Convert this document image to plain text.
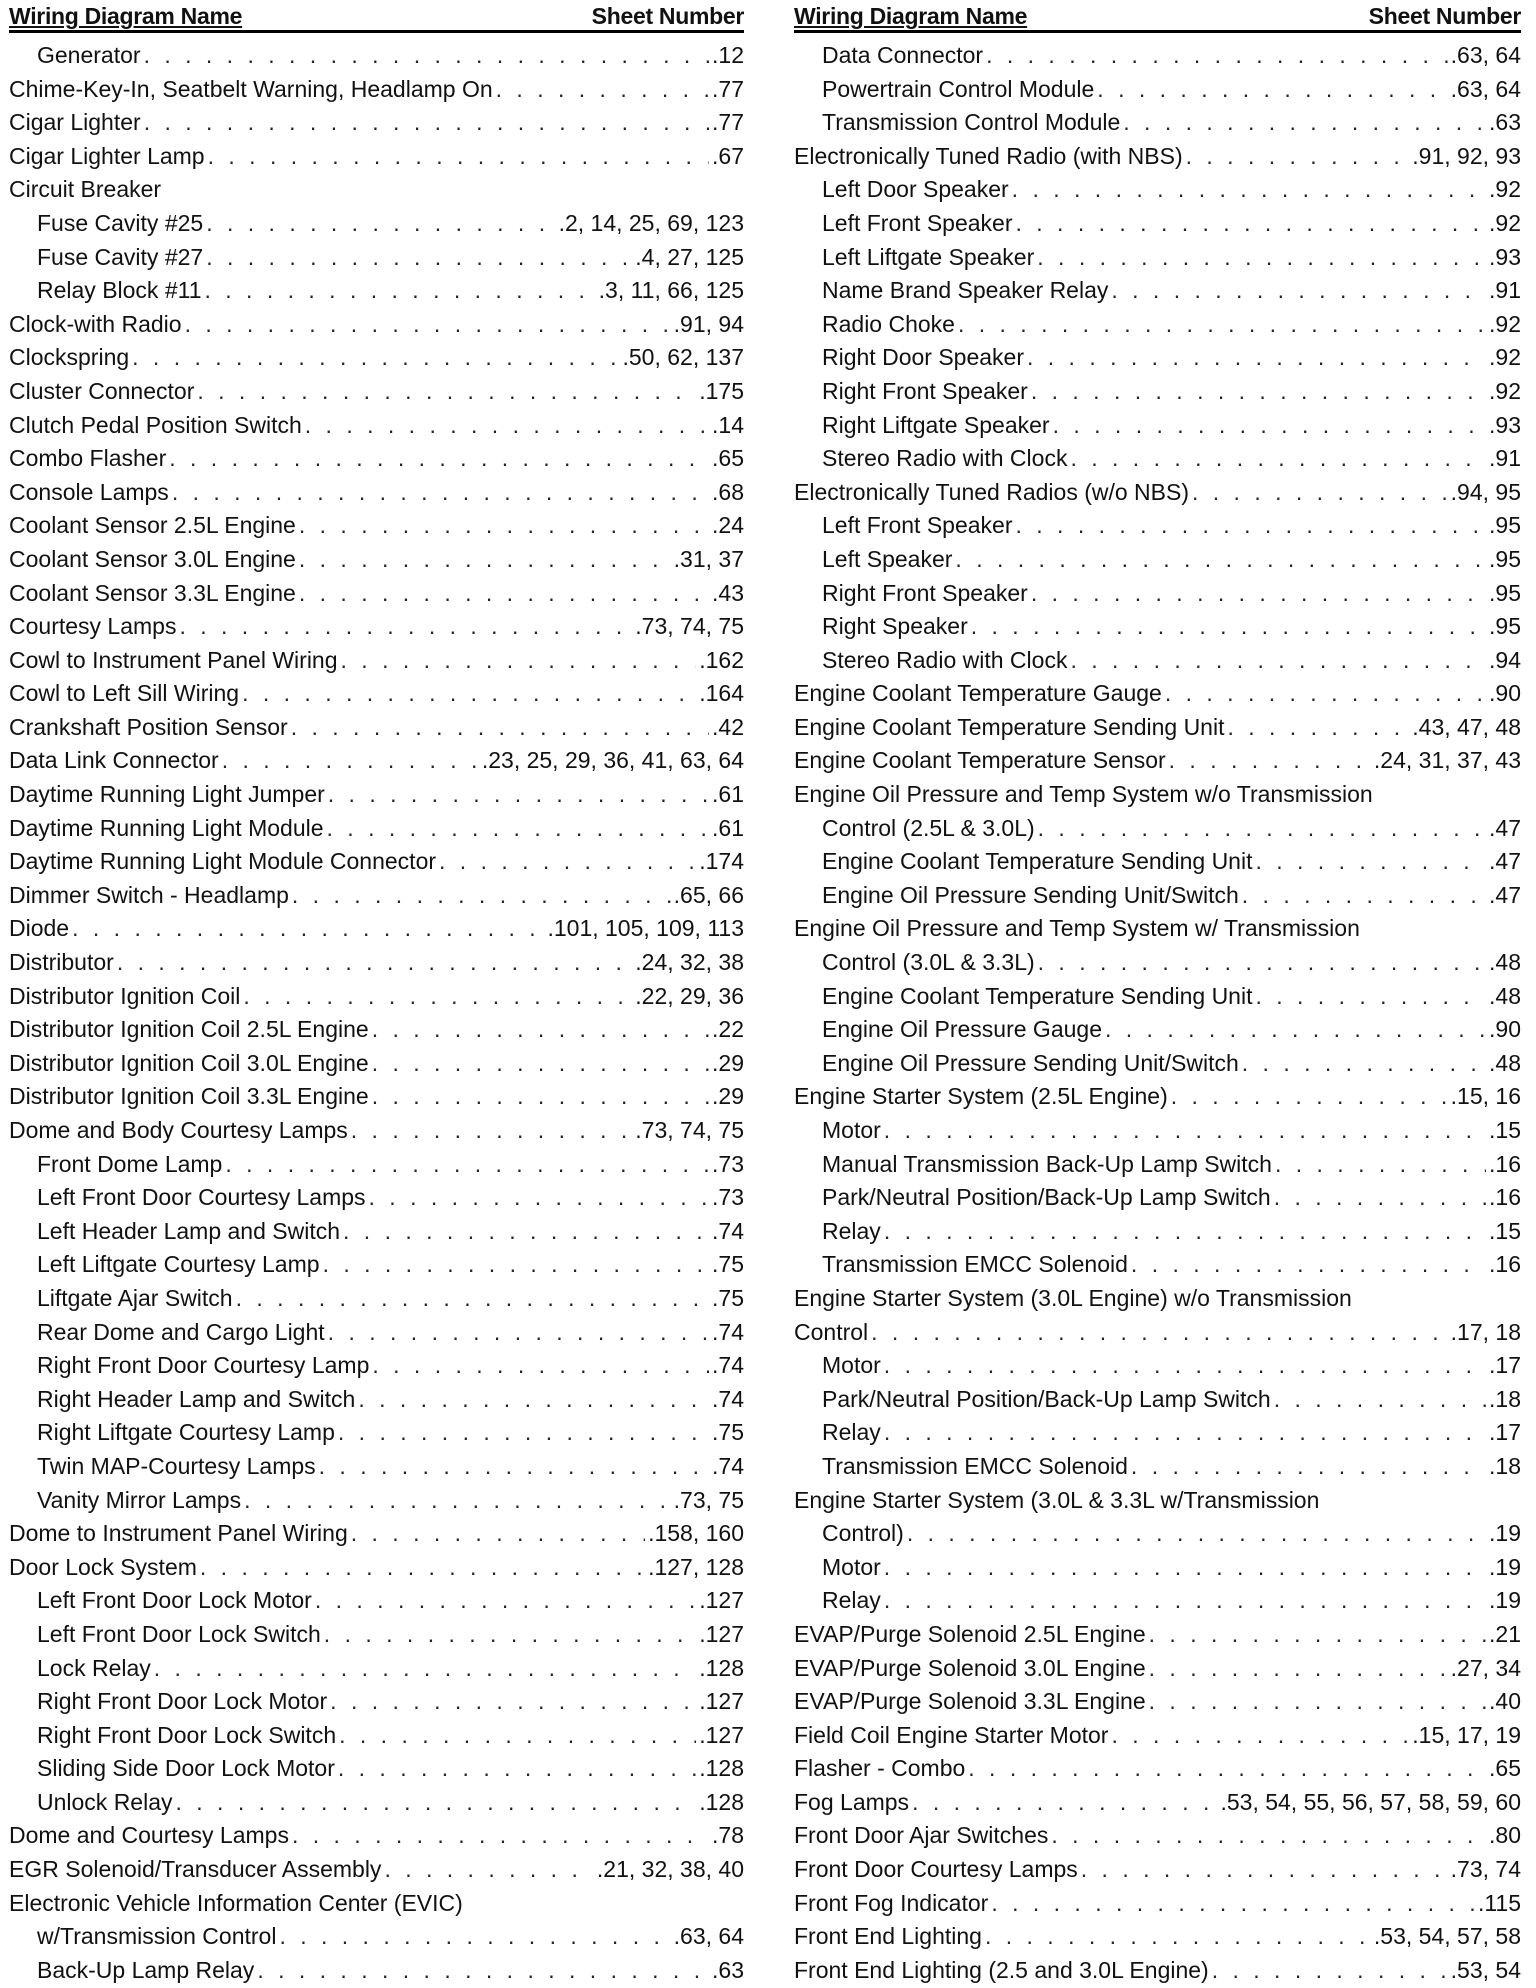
Wiring Diagram Name	Sheet Number
Generator . . .	.12
Chime-Key-In, Seatbelt Warning, Headlamp On . . .	.77
Cigar Lighter . . .	.77
Cigar Lighter Lamp . . .	.67
Circuit Breaker
Fuse Cavity #25 . . .	.2, 14, 25, 69, 123
Fuse Cavity #27 . . .	.4, 27, 125
Relay Block #11 . . .	.3, 11, 66, 125
Clock-with Radio . . .	.91, 94
Clockspring . . .	.50, 62, 137
Cluster Connector . . .	.175
Clutch Pedal Position Switch . . .	.14
Combo Flasher . . .	.65
Console Lamps . . .	.68
Coolant Sensor 2.5L Engine . . .	.24
Coolant Sensor 3.0L Engine . . .	.31, 37
Coolant Sensor 3.3L Engine . . .	.43
Courtesy Lamps . . .	.73, 74, 75
Cowl to Instrument Panel Wiring . . .	.162
Cowl to Left Sill Wiring . . .	.164
Crankshaft Position Sensor . . .	.42
Data Link Connector . . .	.23, 25, 29, 36, 41, 63, 64
Daytime Running Light Jumper . . .	.61
Daytime Running Light Module . . .	.61
Daytime Running Light Module Connector . . .	.174
Dimmer Switch - Headlamp . . .	.65, 66
Diode . . .	.101, 105, 109, 113
Distributor . . .	.24, 32, 38
Distributor Ignition Coil . . .	.22, 29, 36
Distributor Ignition Coil 2.5L Engine . . .	.22
Distributor Ignition Coil 3.0L Engine . . .	.29
Distributor Ignition Coil 3.3L Engine . . .	.29
Dome and Body Courtesy Lamps . . .	.73, 74, 75
Front Dome Lamp . . .	.73
Left Front Door Courtesy Lamps . . .	.73
Left Header Lamp and Switch . . .	.74
Left Liftgate Courtesy Lamp . . .	.75
Liftgate Ajar Switch . . .	.75
Rear Dome and Cargo Light . . .	.74
Right Front Door Courtesy Lamp . . .	.74
Right Header Lamp and Switch . . .	.74
Right Liftgate Courtesy Lamp . . .	.75
Twin MAP-Courtesy Lamps . . .	.74
Vanity Mirror Lamps . . .	.73, 75
Dome to Instrument Panel Wiring . . .	.158, 160
Door Lock System . . .	.127, 128
Left Front Door Lock Motor . . .	.127
Left Front Door Lock Switch . . .	.127
Lock Relay . . .	.128
Right Front Door Lock Motor . . .	.127
Right Front Door Lock Switch . . .	.127
Sliding Side Door Lock Motor . . .	.128
Unlock Relay . . .	.128
Dome and Courtesy Lamps . . .	.78
EGR Solenoid/Transducer Assembly . . .	.21, 32, 38, 40
Electronic Vehicle Information Center (EVIC)
w/Transmission Control . . .	.63, 64
Back-Up Lamp Relay . . .	.63
Wiring Diagram Name	Sheet Number
Data Connector . . .	.63, 64
Powertrain Control Module . . .	.63, 64
Transmission Control Module . . .	.63
Electronically Tuned Radio (with NBS) . . .	.91, 92, 93
Left Door Speaker . . .	.92
Left Front Speaker . . .	.92
Left Liftgate Speaker . . .	.93
Name Brand Speaker Relay . . .	.91
Radio Choke . . .	.92
Right Door Speaker . . .	.92
Right Front Speaker . . .	.92
Right Liftgate Speaker . . .	.93
Stereo Radio with Clock . . .	.91
Electronically Tuned Radios (w/o NBS) . . .	.94, 95
Left Front Speaker . . .	.95
Left Speaker . . .	.95
Right Front Speaker . . .	.95
Right Speaker . . .	.95
Stereo Radio with Clock . . .	.94
Engine Coolant Temperature Gauge . . .	.90
Engine Coolant Temperature Sending Unit . . .	.43, 47, 48
Engine Coolant Temperature Sensor . . .	.24, 31, 37, 43
Engine Oil Pressure and Temp System w/o Transmission
Control (2.5L & 3.0L) . . .	.47
Engine Coolant Temperature Sending Unit . . .	.47
Engine Oil Pressure Sending Unit/Switch . . .	.47
Engine Oil Pressure and Temp System w/ Transmission
Control (3.0L & 3.3L) . . .	.48
Engine Coolant Temperature Sending Unit . . .	.48
Engine Oil Pressure Gauge . . .	.90
Engine Oil Pressure Sending Unit/Switch . . .	.48
Engine Starter System (2.5L Engine) . . .	.15, 16
Motor . . .	.15
Manual Transmission Back-Up Lamp Switch . . .	.16
Park/Neutral Position/Back-Up Lamp Switch . . .	.16
Relay . . .	.15
Transmission EMCC Solenoid . . .	.16
Engine Starter System (3.0L Engine) w/o Transmission
Control . . .	.17, 18
Motor . . .	.17
Park/Neutral Position/Back-Up Lamp Switch . . .	.18
Relay . . .	.17
Transmission EMCC Solenoid . . .	.18
Engine Starter System (3.0L & 3.3L w/Transmission
Control) . . .	.19
Motor . . .	.19
Relay . . .	.19
EVAP/Purge Solenoid 2.5L Engine . . .	.21
EVAP/Purge Solenoid 3.0L Engine . . .	.27, 34
EVAP/Purge Solenoid 3.3L Engine . . .	.40
Field Coil Engine Starter Motor . . .	.15, 17, 19
Flasher - Combo . . .	.65
Fog Lamps . . .	.53, 54, 55, 56, 57, 58, 59, 60
Front Door Ajar Switches . . .	.80
Front Door Courtesy Lamps . . .	.73, 74
Front Fog Indicator . . .	.115
Front End Lighting . . .	.53, 54, 57, 58
Front End Lighting (2.5 and 3.0L Engine) . . .	.53, 54
